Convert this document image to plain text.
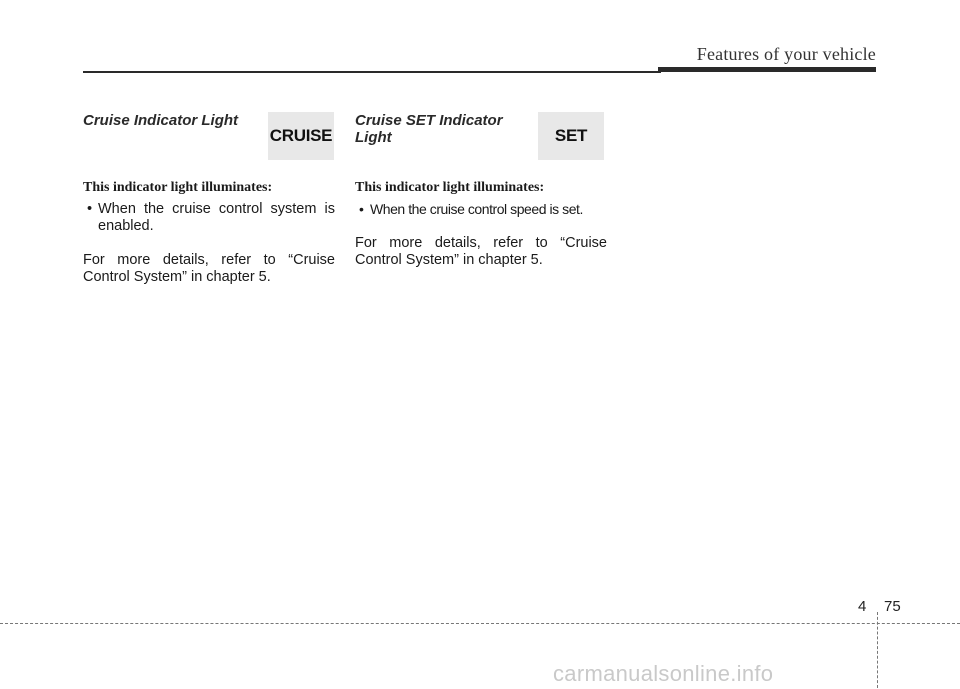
Features of your vehicle
Cruise Indicator Light
CRUISE

This indicator light illuminates:

• When the cruise control system is enabled.

For more details, refer to “Cruise Control System” in chapter 5.

Cruise SET Indicator Light	SET

This indicator light illuminates:

• When the cruise control speed is set.

For more details, refer to “Cruise Control System” in chapter 5.

4 75
carmanualsonline.info
